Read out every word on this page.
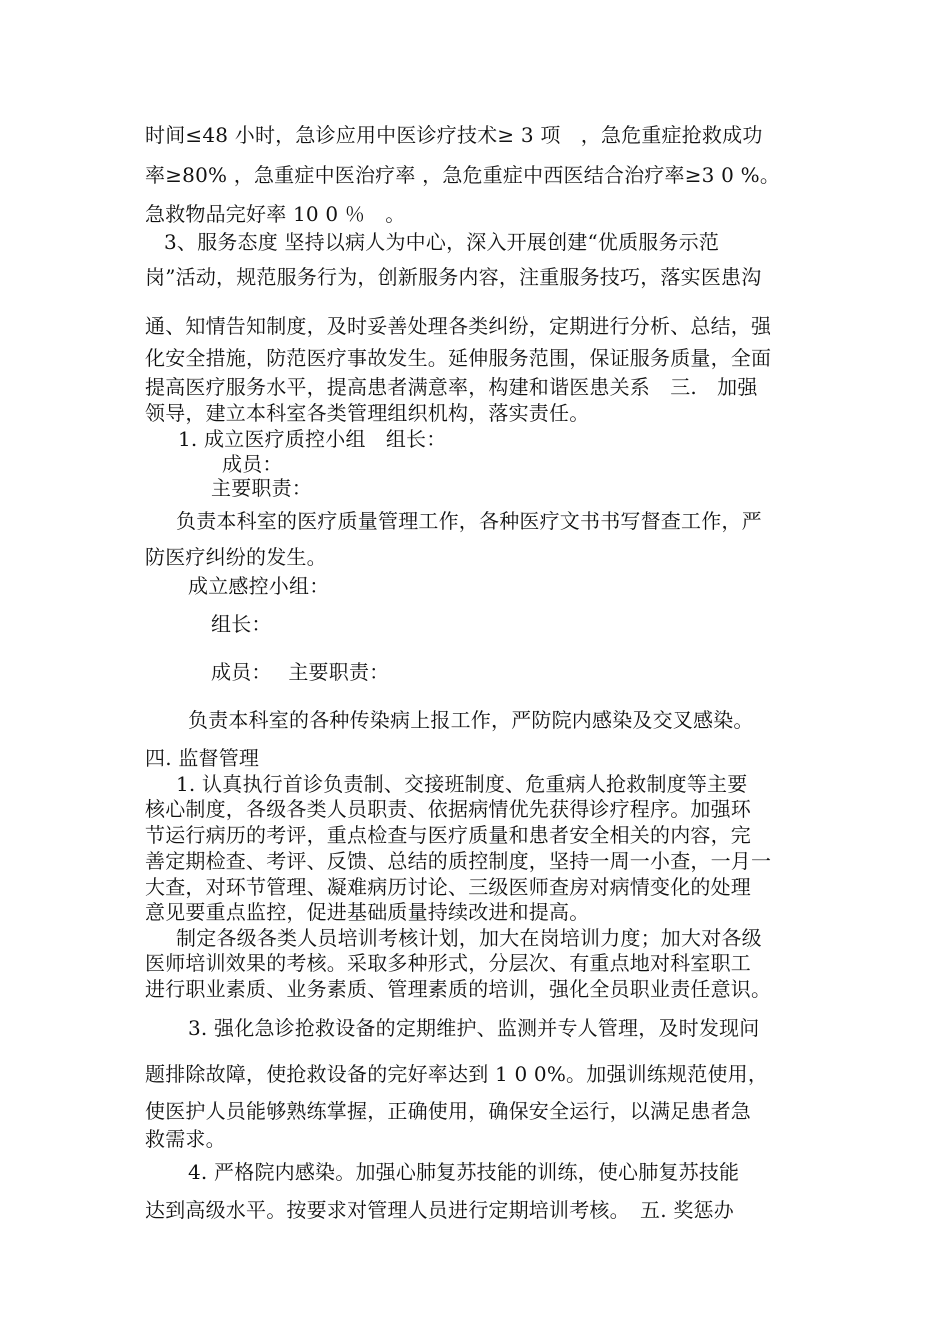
时间≤48 小时，急诊应用中医诊疗技术≥ 3 项　，急危重症抢救成功
率≥80% ，急重症中医治疗率 ，急危重症中西医结合治疗率≥3 0 %。
急救物品完好率 10 0 ％　。
3、服务态度 坚持以病人为中心，深入开展创建“优质服务示范
岗”活动，规范服务行为，创新服务内容，注重服务技巧，落实医患沟
通、知情告知制度，及时妥善处理各类纠纷，定期进行分析、总结，强
化安全措施，防范医疗事故发生。延伸服务范围，保证服务质量，全面
提高医疗服务水平，提高患者满意率，构建和谐医患关系　三.　加强
领导，建立本科室各类管理组织机构，落实责任。
1. 成立医疗质控小组　组长：
成员：
主要职责：
负责本科室的医疗质量管理工作，各种医疗文书书写督查工作，严
防医疗纠纷的发生。
成立感控小组：
组长：
成员：　 主要职责：
负责本科室的各种传染病上报工作，严防院内感染及交叉感染。
四. 监督管理
1. 认真执行首诊负责制、交接班制度、危重病人抢救制度等主要
核心制度，各级各类人员职责、依据病情优先获得诊疗程序。加强环
节运行病历的考评，重点检查与医疗质量和患者安全相关的内容，完
善定期检查、考评、反馈、总结的质控制度，坚持一周一小查，一月一
大查，对环节管理、凝难病历讨论、三级医师查房对病情变化的处理
意见要重点监控，促进基础质量持续改进和提高。
制定各级各类人员培训考核计划，加大在岗培训力度；加大对各级
医师培训效果的考核。采取多种形式，分层次、有重点地对科室职工
进行职业素质、业务素质、管理素质的培训，强化全员职业责任意识。
3. 强化急诊抢救设备的定期维护、监测并专人管理，及时发现问
题排除故障，使抢救设备的完好率达到 1 0 0%。加强训练规范使用，
使医护人员能够熟练掌握，正确使用，确保安全运行，以满足患者急
救需求。
4. 严格院内感染。加强心肺复苏技能的训练，使心肺复苏技能
达到高级水平。按要求对管理人员进行定期培训考核。　五. 奖惩办
